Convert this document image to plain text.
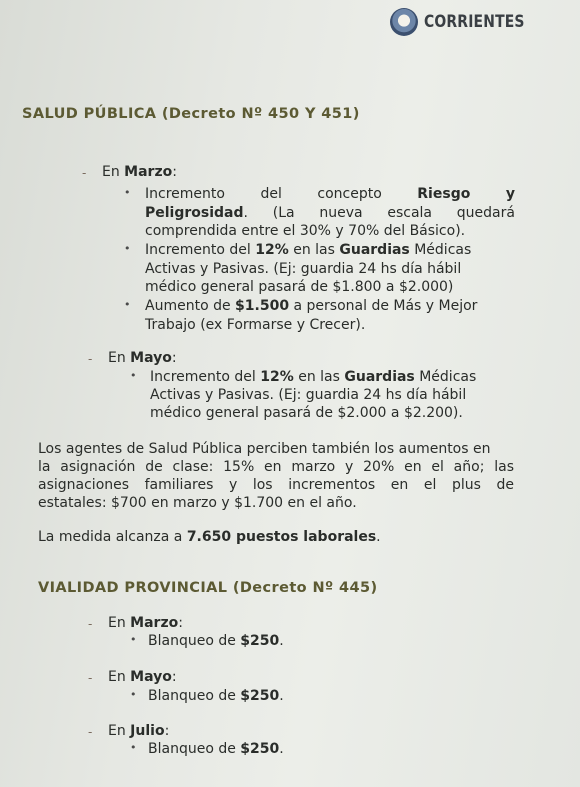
CORRIENTES
SALUD PÚBLICA (Decreto Nº 450 Y 451)
- En Marzo:
• Incremento	del	concepto	Riesgo	y
Peligrosidad. (La nueva escala quedará
comprendida entre el 30% y 70% del Básico).
• Incremento del 12% en las Guardias Médicas
Activas y Pasivas. (Ej: guardia 24 hs día hábil
médico general pasará de $1.800 a $2.000)
• Aumento de $1.500 a personal de Más y Mejor
Trabajo (ex Formarse y Crecer).
- En Mayo:
• Incremento del 12% en las Guardias Médicas
Activas y Pasivas. (Ej: guardia 24 hs día hábil
médico general pasará de $2.000 a $2.200).
Los agentes de Salud Pública perciben también los aumentos en
la asignación de clase: 15% en marzo y 20% en el año; las
asignaciones familiares y los incrementos en el plus de
estatales: $700 en marzo y $1.700 en el año.
La medida alcanza a 7.650 puestos laborales.
VIALIDAD PROVINCIAL (Decreto Nº 445)
- En Marzo:
• Blanqueo de $250.
- En Mayo:
• Blanqueo de $250.
- En Julio:
• Blanqueo de $250.
